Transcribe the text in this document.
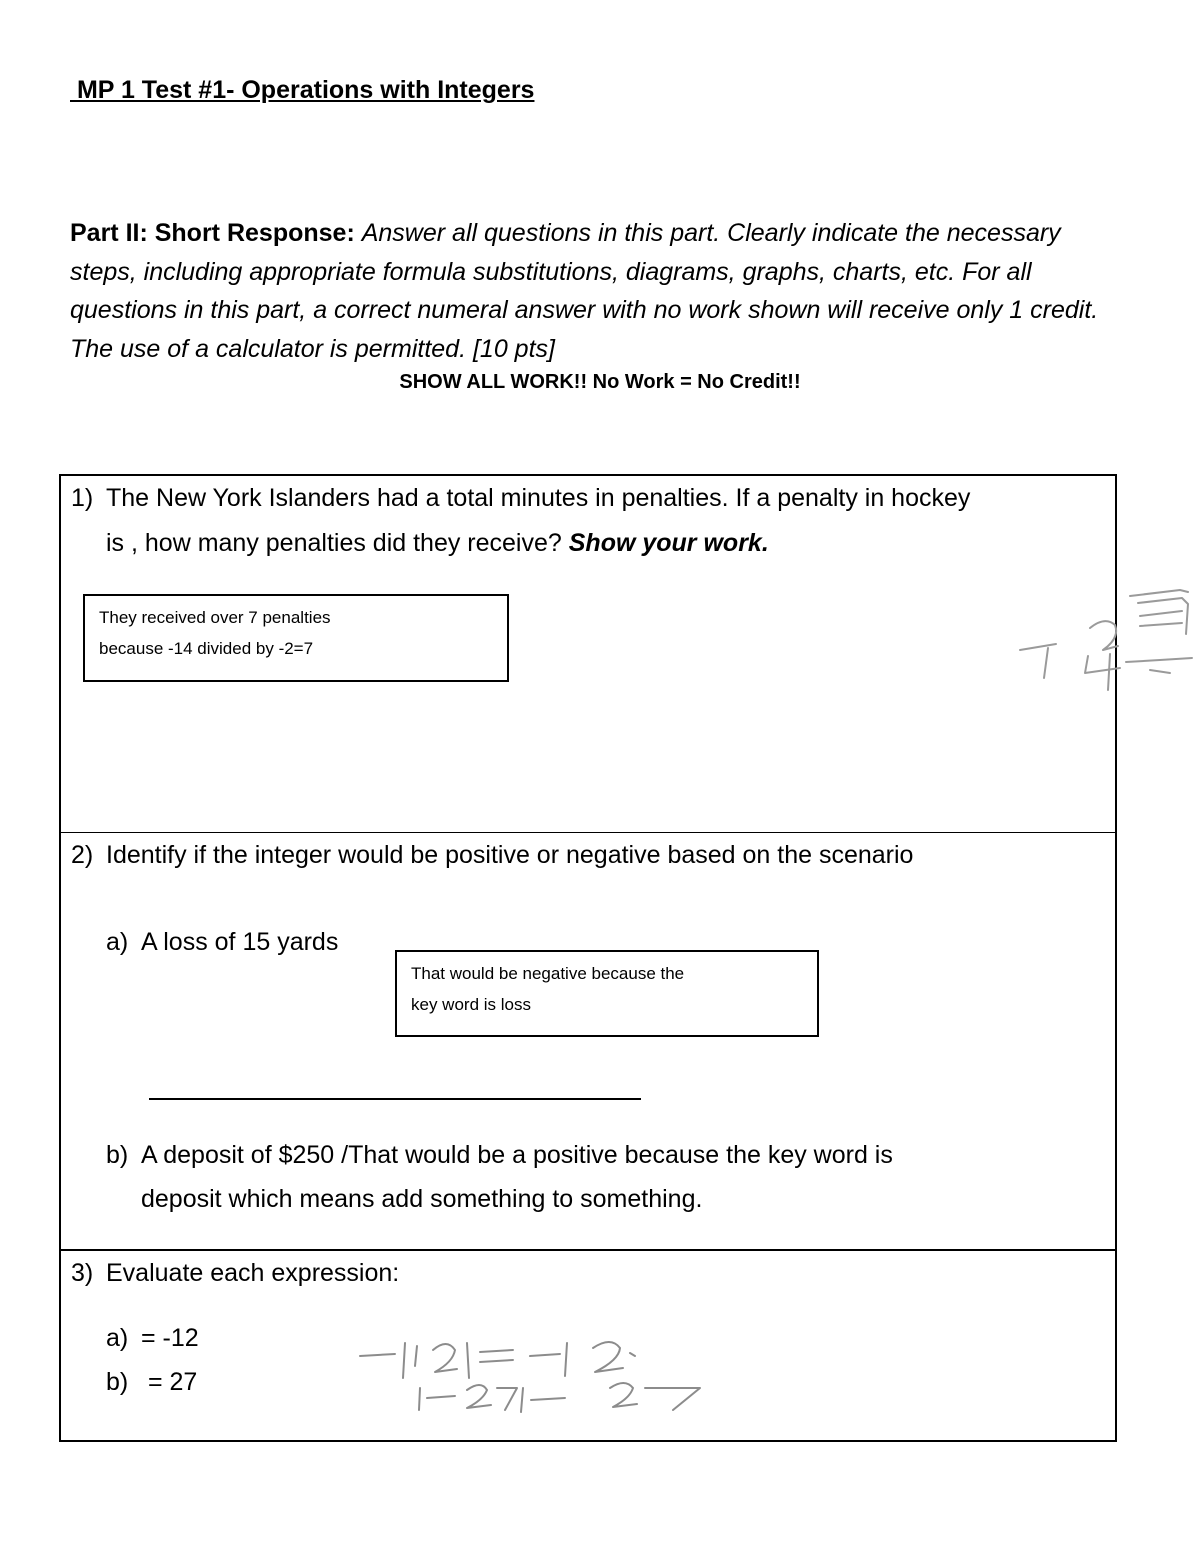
MP 1 Test #1- Operations with Integers
Part II: Short Response: Answer all questions in this part. Clearly indicate the necessary steps, including appropriate formula substitutions, diagrams, graphs, charts, etc. For all questions in this part, a correct numeral answer with no work shown will receive only 1 credit. The use of a calculator is permitted. [10 pts]
SHOW ALL WORK!! No Work = No Credit!!
1) The New York Islanders had a total minutes in penalties. If a penalty in hockey
is , how many penalties did they receive? Show your work.
They received over 7 penalties
because -14 divided by -2=7
2) Identify if the integer would be positive or negative based on the scenario
a) A loss of 15 yards
That would be negative because the
key word is loss
b) A deposit of $250 /That would be a positive because the key word is
deposit which means add something to something.
3) Evaluate each expression:
a) = -12
b) = 27
